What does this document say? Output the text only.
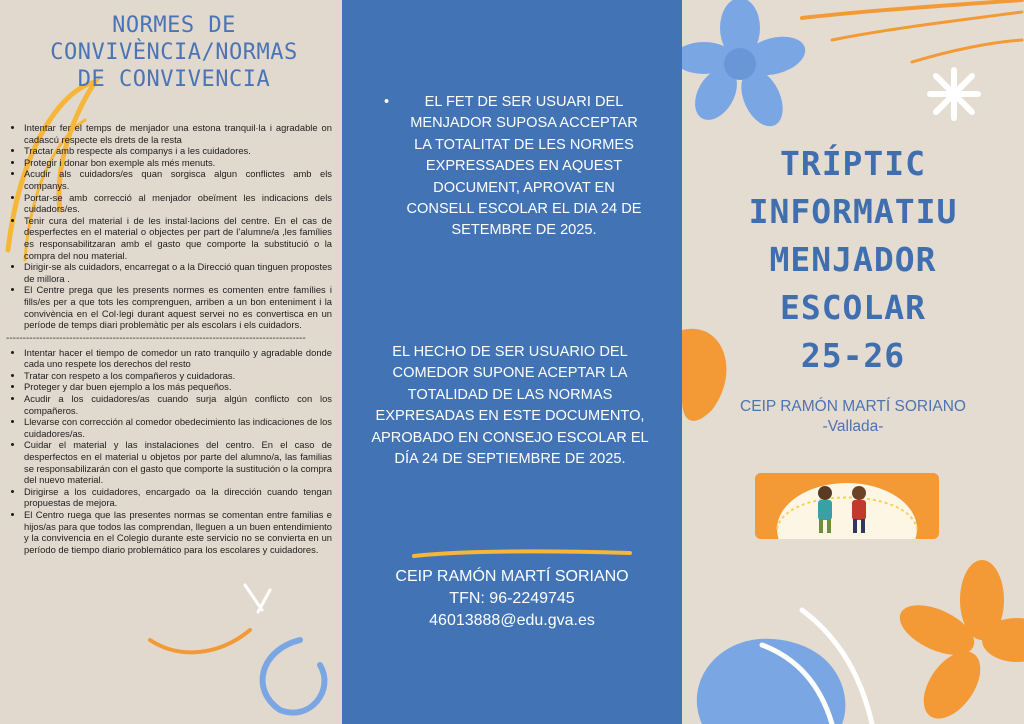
NORMES DE
CONVIVÈNCIA/NORMAS
DE CONVIVENCIA
• Intentar fer el temps de menjador una estona tranquil·la i agradable on cadascú respecte els drets de la resta
• Tractar amb respecte als companys i a les cuidadores.
• Protegir i donar bon exemple als més menuts.
• Acudir als cuidadors/es quan sorgisca algun conflictes amb els companys.
• Portar-se amb correcció al menjador obeïment les indicacions dels cuidadors/es.
• Tenir cura del material i de les instal·lacions del centre. En el cas de desperfectes en el material o objectes per part de l’alumne/a ,les famílies es responsabilitzaran amb el gasto que comporte la substitució o la compra del nou material.
• Dirigir-se als cuidadors, encarregat o a la Direcció quan tinguen propostes de millora .
• El Centre prega que les presents normes es comenten entre famílies i fills/es per a que tots les comprenguen, arriben a un bon enteniment i la convivència en el Col·legi durant aquest servei no es convertisca en un període de temps diari problemàtic per als escolars i els cuidadors.
------------------------------------------------------------------------------------------
• Intentar hacer el tiempo de comedor un rato tranquilo y agradable donde cada uno respete los derechos del resto
• Tratar con respeto a los compañeros y cuidadoras.
• Proteger y dar buen ejemplo a los más pequeños.
• Acudir a los cuidadores/as cuando surja algún conflicto con los compañeros.
• Llevarse con corrección al comedor obedecimiento las indicaciones de los cuidadores/as.
• Cuidar el material y las instalaciones del centro. En el caso de desperfectos en el material u objetos por parte del alumno/a, las familias se responsabilizarán con el gasto que comporte la sustitución o la compra del nuevo material.
• Dirigirse a los cuidadores, encargado oa la dirección cuando tengan propuestas de mejora.
• El Centro ruega que las presentes normas se comentan entre familias e hijos/as para que todos las comprendan, lleguen a un buen entendimiento y la convivencia en el Colegio durante este servicio no se convierta en un período de tiempo diario problemático para los escolares y cuidadores.
• EL FET DE SER USUARI DEL MENJADOR SUPOSA ACCEPTAR LA TOTALITAT DE LES NORMES EXPRESSADES EN AQUEST DOCUMENT, APROVAT EN CONSELL ESCOLAR EL DIA 24 DE SETEMBRE DE 2025.
EL HECHO DE SER USUARIO DEL COMEDOR SUPONE ACEPTAR LA TOTALIDAD DE LAS NORMAS EXPRESADAS EN ESTE DOCUMENTO, APROBADO EN CONSEJO ESCOLAR EL DÍA 24 DE SEPTIEMBRE DE 2025.
CEIP RAMÓN MARTÍ SORIANO
TFN: 96-2249745
46013888@edu.gva.es
TRÍPTIC
INFORMATIU
MENJADOR
ESCOLAR
25-26
CEIP RAMÓN MARTÍ SORIANO
-Vallada-
